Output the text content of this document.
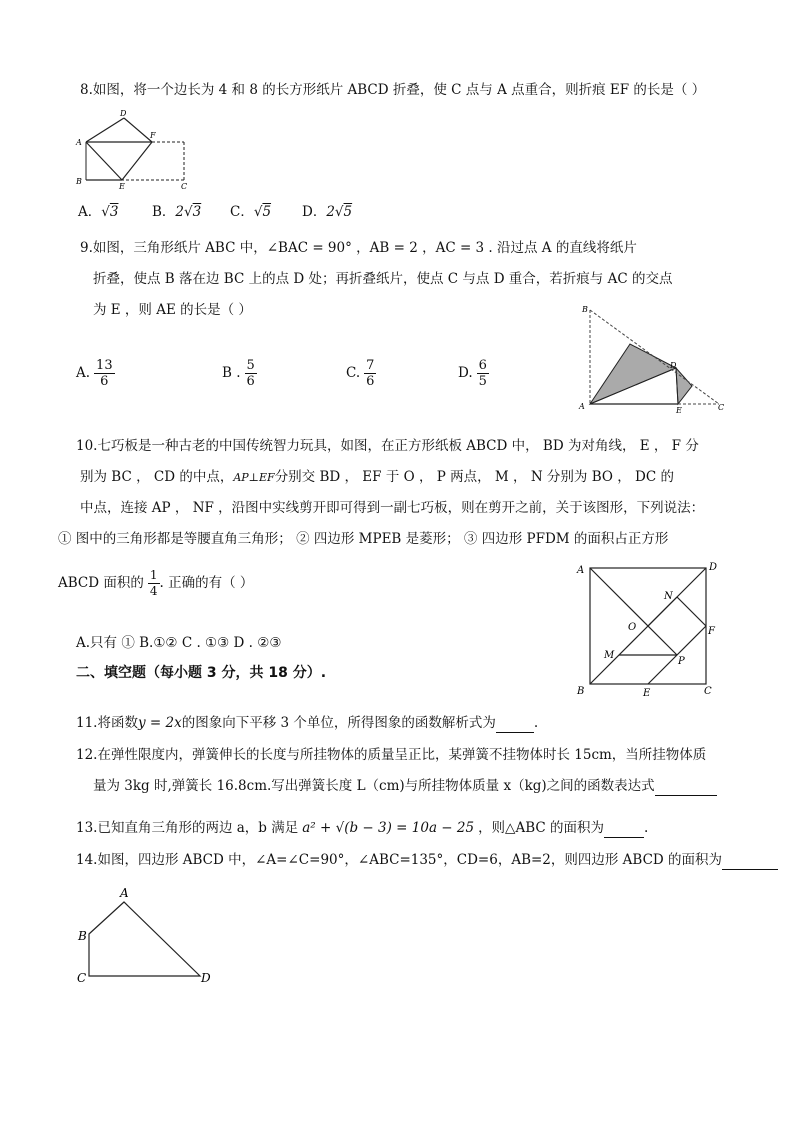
8.如图，将一个边长为 4 和 8 的长方形纸片 ABCD 折叠，使 C 点与 A 点重合，则折痕 EF 的长是（ ）
A
B
D
F
E	C
A．√3 B．2√3 C．√5 D．2√5
9.如图，三角形纸片 ABC 中，∠BAC = 90° ，AB = 2 ，AC = 3 . 沿过点 A 的直线将纸片
折叠，使点 B 落在边 BC 上的点 D 处；再折叠纸片，使点 C 与点 D 重合，若折痕与 AC 的交点
为 E ，则 AE 的长是（ ）	B
A
D
E	C
A. $\frac{13}{6}$	B . $\frac{5}{6}$	C. $\frac{7}{6}$	D. $\frac{6}{5}$
10.七巧板是一种古老的中国传统智力玩具，如图，在正方形纸板 ABCD 中， BD 为对角线， E ， F 分
别为 BC ， CD 的中点，AP⊥EF分别交 BD ， EF 于 O ， P 两点， M ， N 分别为 BO ， DC 的
中点，连接 AP ， NF ，沿图中实线剪开即可得到一副七巧板，则在剪开之前，关于该图形，下列说法：
① 图中的三角形都是等腰直角三角形； ② 四边形 MPEB 是菱形； ③ 四边形 PFDM 的面积占正方形
ABCD 面积的 $\frac{1}{4}$ . 正确的有（ ）
A	D
B	C
E
F
M
N
O
P
A.只有 ① B.①② C . ①③ D . ②③
二、填空题（每小题 3 分，共 18 分）.
11.将函数y = 2x的图象向下平移 3 个单位，所得图象的函数解析式为	.
12.在弹性限度内，弹簧伸长的长度与所挂物体的质量呈正比，某弹簧不挂物体时长 15cm，当所挂物体质
量为 3kg 时,弹簧长 16.8cm.写出弹簧长度 L（cm)与所挂物体质量 x（kg)之间的函数表达式
13.已知直角三角形的两边 a，b 满足 a² + √(b − 3) = 10a − 25 ，则△ABC 的面积为	.
14.如图，四边形 ABCD 中，∠A=∠C=90°，∠ABC=135°，CD=6，AB=2，则四边形 ABCD 的面积为
A
B
C	D
